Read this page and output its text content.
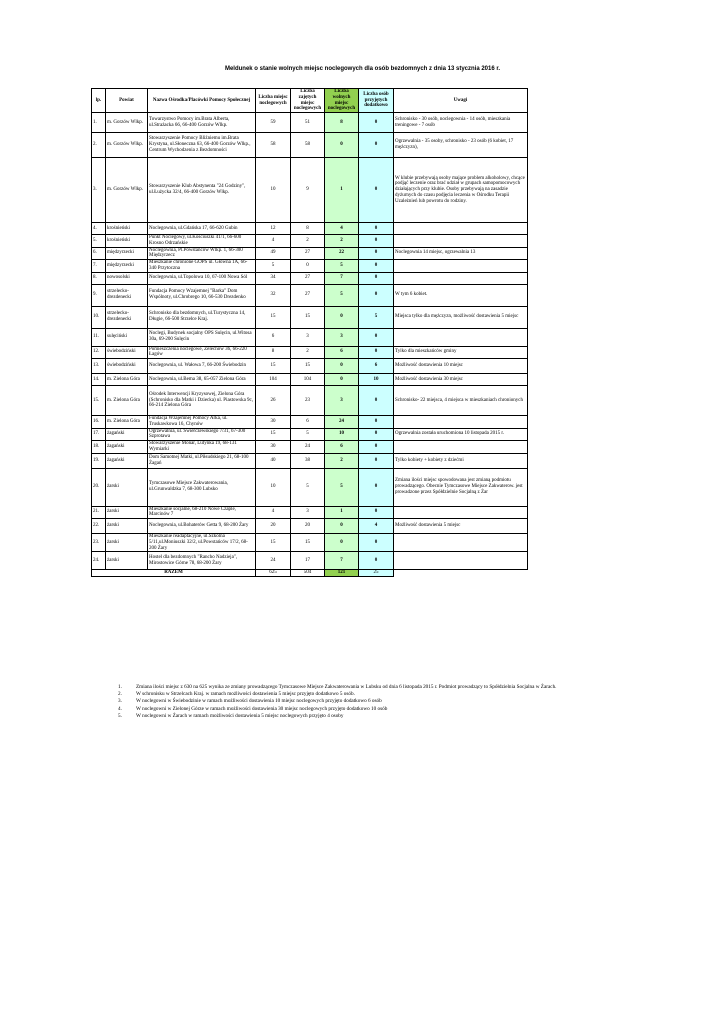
Meldunek o stanie wolnych miejsc noclegowych dla osób bezdomnych z dnia 13 stycznia 2016 r.
lp.	Powiat	Nazwa Ośrodka/Placówki Pomocy Społecznej	Liczba miejsc noclegowych	Liczba zajętych miejsc noclegowych	Liczba wolnych miejsc noclegowych	Liczba osób przyjętych dodatkowo	Uwagi
1.	m. Gorzów Wlkp.	Towarzystwo Pomocy im.Brata Alberta, ul.Strażacka 66, 66-400 Gorzów Wlkp.	59	51	8	0	Schronisko - 30 osób, noclegownia - 14 osób, mieszkania treningowe - 7 osób
2.	m. Gorzów Wlkp.	Stowarzyszenie Pomocy Bliźniemu im.Brata Krystyna, ul.Słoneczna 63, 66-400 Gorzów Wlkp., Centrum Wychodzenia z Bezdomności	58	58	0	0	Ogrzewalnia - 35 osoby, schronisko - 23 osób (6 kobiet, 17 mężczyzn),
3.	m. Gorzów Wlkp.	Stowarzyszenie Klub Abstynenta "24 Godziny", ul.Łużycka 32/4, 66-400 Gorzów Wlkp.	10	9	1	0	W klubie przebywają osoby mające problem alkoholowy, chcące podjąć leczenie oraz brać udział w grupach samopomocowych działających przy klubie. Osoby przebywają na zasadzie dyżurnych do czasu podjęcia leczenia w Ośrodku Terapii Uzależnień lub powrotu do rodziny.
4.	krośnieński	Noclegownia, ul.Gdańska 17, 66-620 Gubin	12	8	4	0	
5.	krośnieński	Punkt Noclegowy, ul.Kościuszki 41/1, 66-600 Krosno Odrzańskie	4	2	2	0	
6.	międzyrzecki	Noclegownia, Pl.Powstańców Wlkp. 1, 66-300 Międzyrzecz	49	27	22	0	Noclegownia 14 miejsc, ogrzewalnia 13
7.	międzyrzecki	Mieszkanie chronione GOPS ul. Główna 1A, 66-340 Przytoczna	5	0	5	0	
8.	nowosolski	Noclegownia, ul.Topolowa 10, 67-100 Nowa Sól	34	27	7	0	
9.	strzelecko-drezdenecki	Fundacja Pomocy Wzajemnej "Barka" Dom Wspólnoty, ul.Chrobrego 10, 66-530 Drezdenko	32	27	5	0	W tym 6 kobiet.
10.	strzelecko-drezdenecki	Schronisko dla bezdomnych, ul.Turystyczna 14, Długie, 66-500 Strzelce Kraj.	15	15	0	5	Miejsca tylko dla mężczyzn, możliwość dostawienia 5 miejsc
11.	sulęciński	Noclegi, Budynek socjalny OPS Sulęcin, ul.Witosa 30a, 69-200 Sulęcin	6	3	3	0	
12.	świebodziński	Pomieszczenia noclegowe, Żelechów 36, 66-220 Łagów	8	2	6	0	Tylko dla mieszkańców gminy
13.	świebodziński	Noclegownia, ul. Wałowa 7, 66-200 Świebodzin	15	15	0	6	Możliwość dostawienia 10 miejsc
14.	m. Zielona Góra	Noclegownia, ul.Bema 38, 65-057 Zielona Góra	104	104	0	10	Możliwość dostawienia 30 miejsc
15.	m. Zielona Góra	Ośrodek Interwencji Kryzysowej, Zielona Góra (Schronisko dla Matki i Dziecka) ul. Piastowska 9c, 66-214 Zielona Góra	26	23	3	0	Schronisko- 22 miejsca, 4 miejsca w mieszkaniach chronionych
16.	m. Zielona Góra	Fundacja Wzajemnej Pomocy Arka, ul. Truskawkowa 16, Chynów	30	6	24	0	
17.	żagański	Ogrzewalnia, ul. Świerczewskiego 7/31, 67-300 Szprotawa	15	5	10	0	Ogrzewalnia została uruchomiona 10 listopada 2015 r.
18.	żagański	Stowarzyszenie Monar, Lutynka 19, 68-131 Wymiarki	30	24	6	0	
19.	żagański	Dom Samotnej Matki, ul.Piłsudskiego 21, 68-100 Żagań	40	38	2	0	Tylko kobiety + kobiety z dziećmi
20.	żarski	Tymczasowe Miejsce Zakwaterowania, ul.Grunwaldzka 7, 68-300 Lubsko	10	5	5	0	Zmiana ilości miejsc spowodowana jest zmianą podmiotu prowadzącego. Obecnie Tymczasowe Miejsce Zakwaterow. jest prowadzone przez Spółdzielnie Socjalną z Żar
21.	żarski	Mieszkanie socjalne, 68-210 Nowe Czaple, Marcinów 7	4	3	1	0	
22.	żarski	Noclegownia, ul.Bohaterów Getta 9, 68-200 Żary	20	20	0	4	Możliwość dostawienia 5 miejsc
23.	żarski	Mieszkanie readaptacyjne, ul.Szkolna 5/11,ul.Moniuszki 32/2, ul.Powstańców 17/2, 68-200 Żary	15	15	0	0	
24.	żarski	Hostel dla bezdomnych "Rancho Nadzieja", Mirostowice Górne 78, 68-200 Żary	24	17	7	0	
RAZEM			625	504	121	25	
1.	Zmiana ilości miejsc z 630 na 625 wynika ze zmiany prowadzącego Tymczasowe Miejsce Zakwaterowania w Lubsku od dnia 6 listopada 2015 r. Podmiot prowadzący to Spółdzielnia Socjalna w Żarach.
2.	W schronisku w Strzelcach Kraj. w ramach możliwości dostawienia 5 miejsc przyjęto dodatkowo 5 osób.
3.	W noclegowni w Świebodzinie w ramach możliwości dostawienia 10 miejsc noclegowych przyjęto dodatkowo 6 osób
4.	W noclegowni w Zielonej Górze w ramach możliwości dostawienia 30 miejsc noclegowych przyjęto dodatkowo 10 osób
5.	W noclegowni w Żarach w ramach możliwości dostawienia 5 miejsc noclegowych przyjęto 4 osoby
